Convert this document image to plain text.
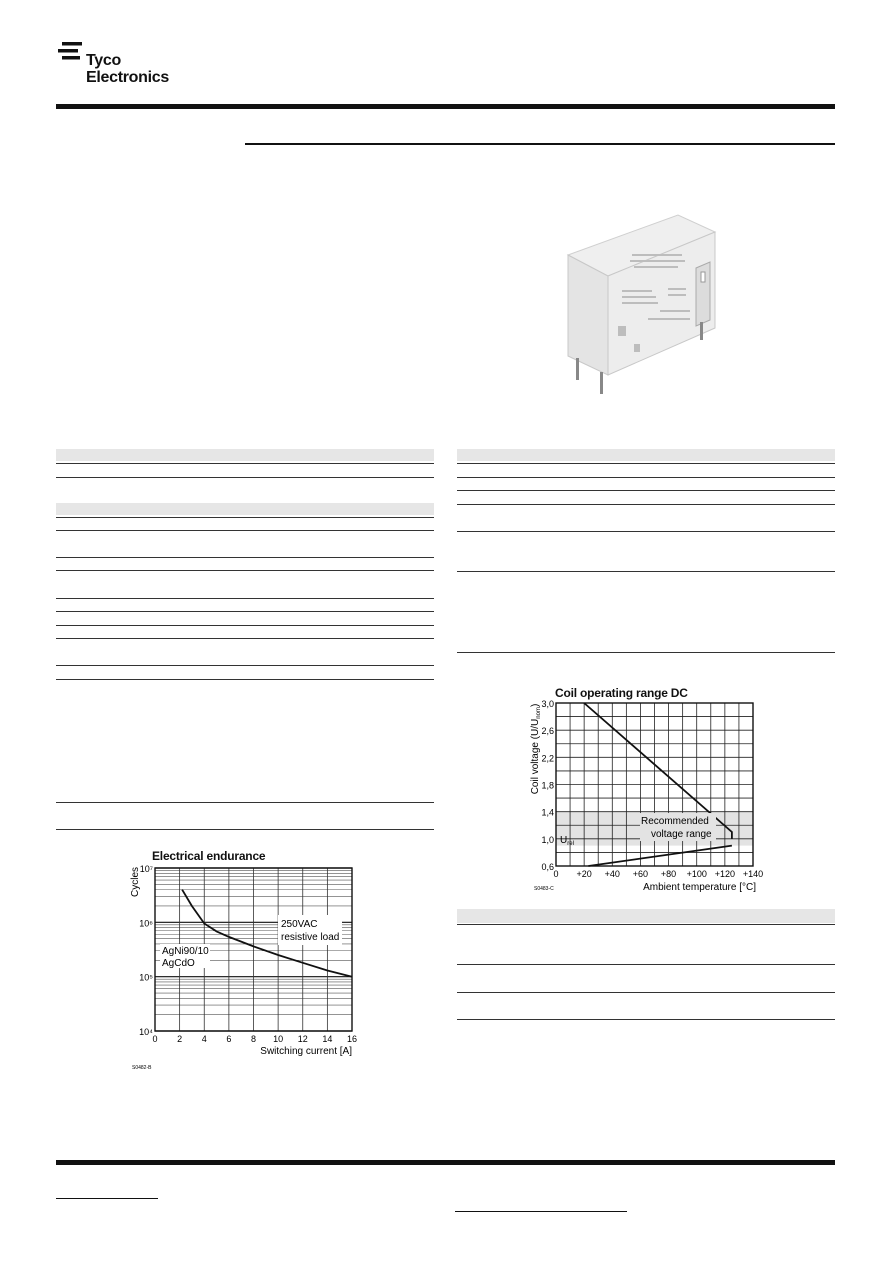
Tyco
Electronics
Electrical endurance
10⁴
10⁵
10⁶
10⁷
0 2 4 6 8 10 12 14 16
250VAC
resistive load
AgNi90/10
AgCdO
Switching current [A]
Cycles
S0482-B
Coil operating range DC
0,6
1,0
1,4
1,8
2,2
2,6
3,0
0 +20 +40 +60 +80 +100 +120 +140
Recommended
voltage range
$U_{rel}$
Ambient temperature [°C]
Coil voltage $(U/U_{nom})$
S0483-C
